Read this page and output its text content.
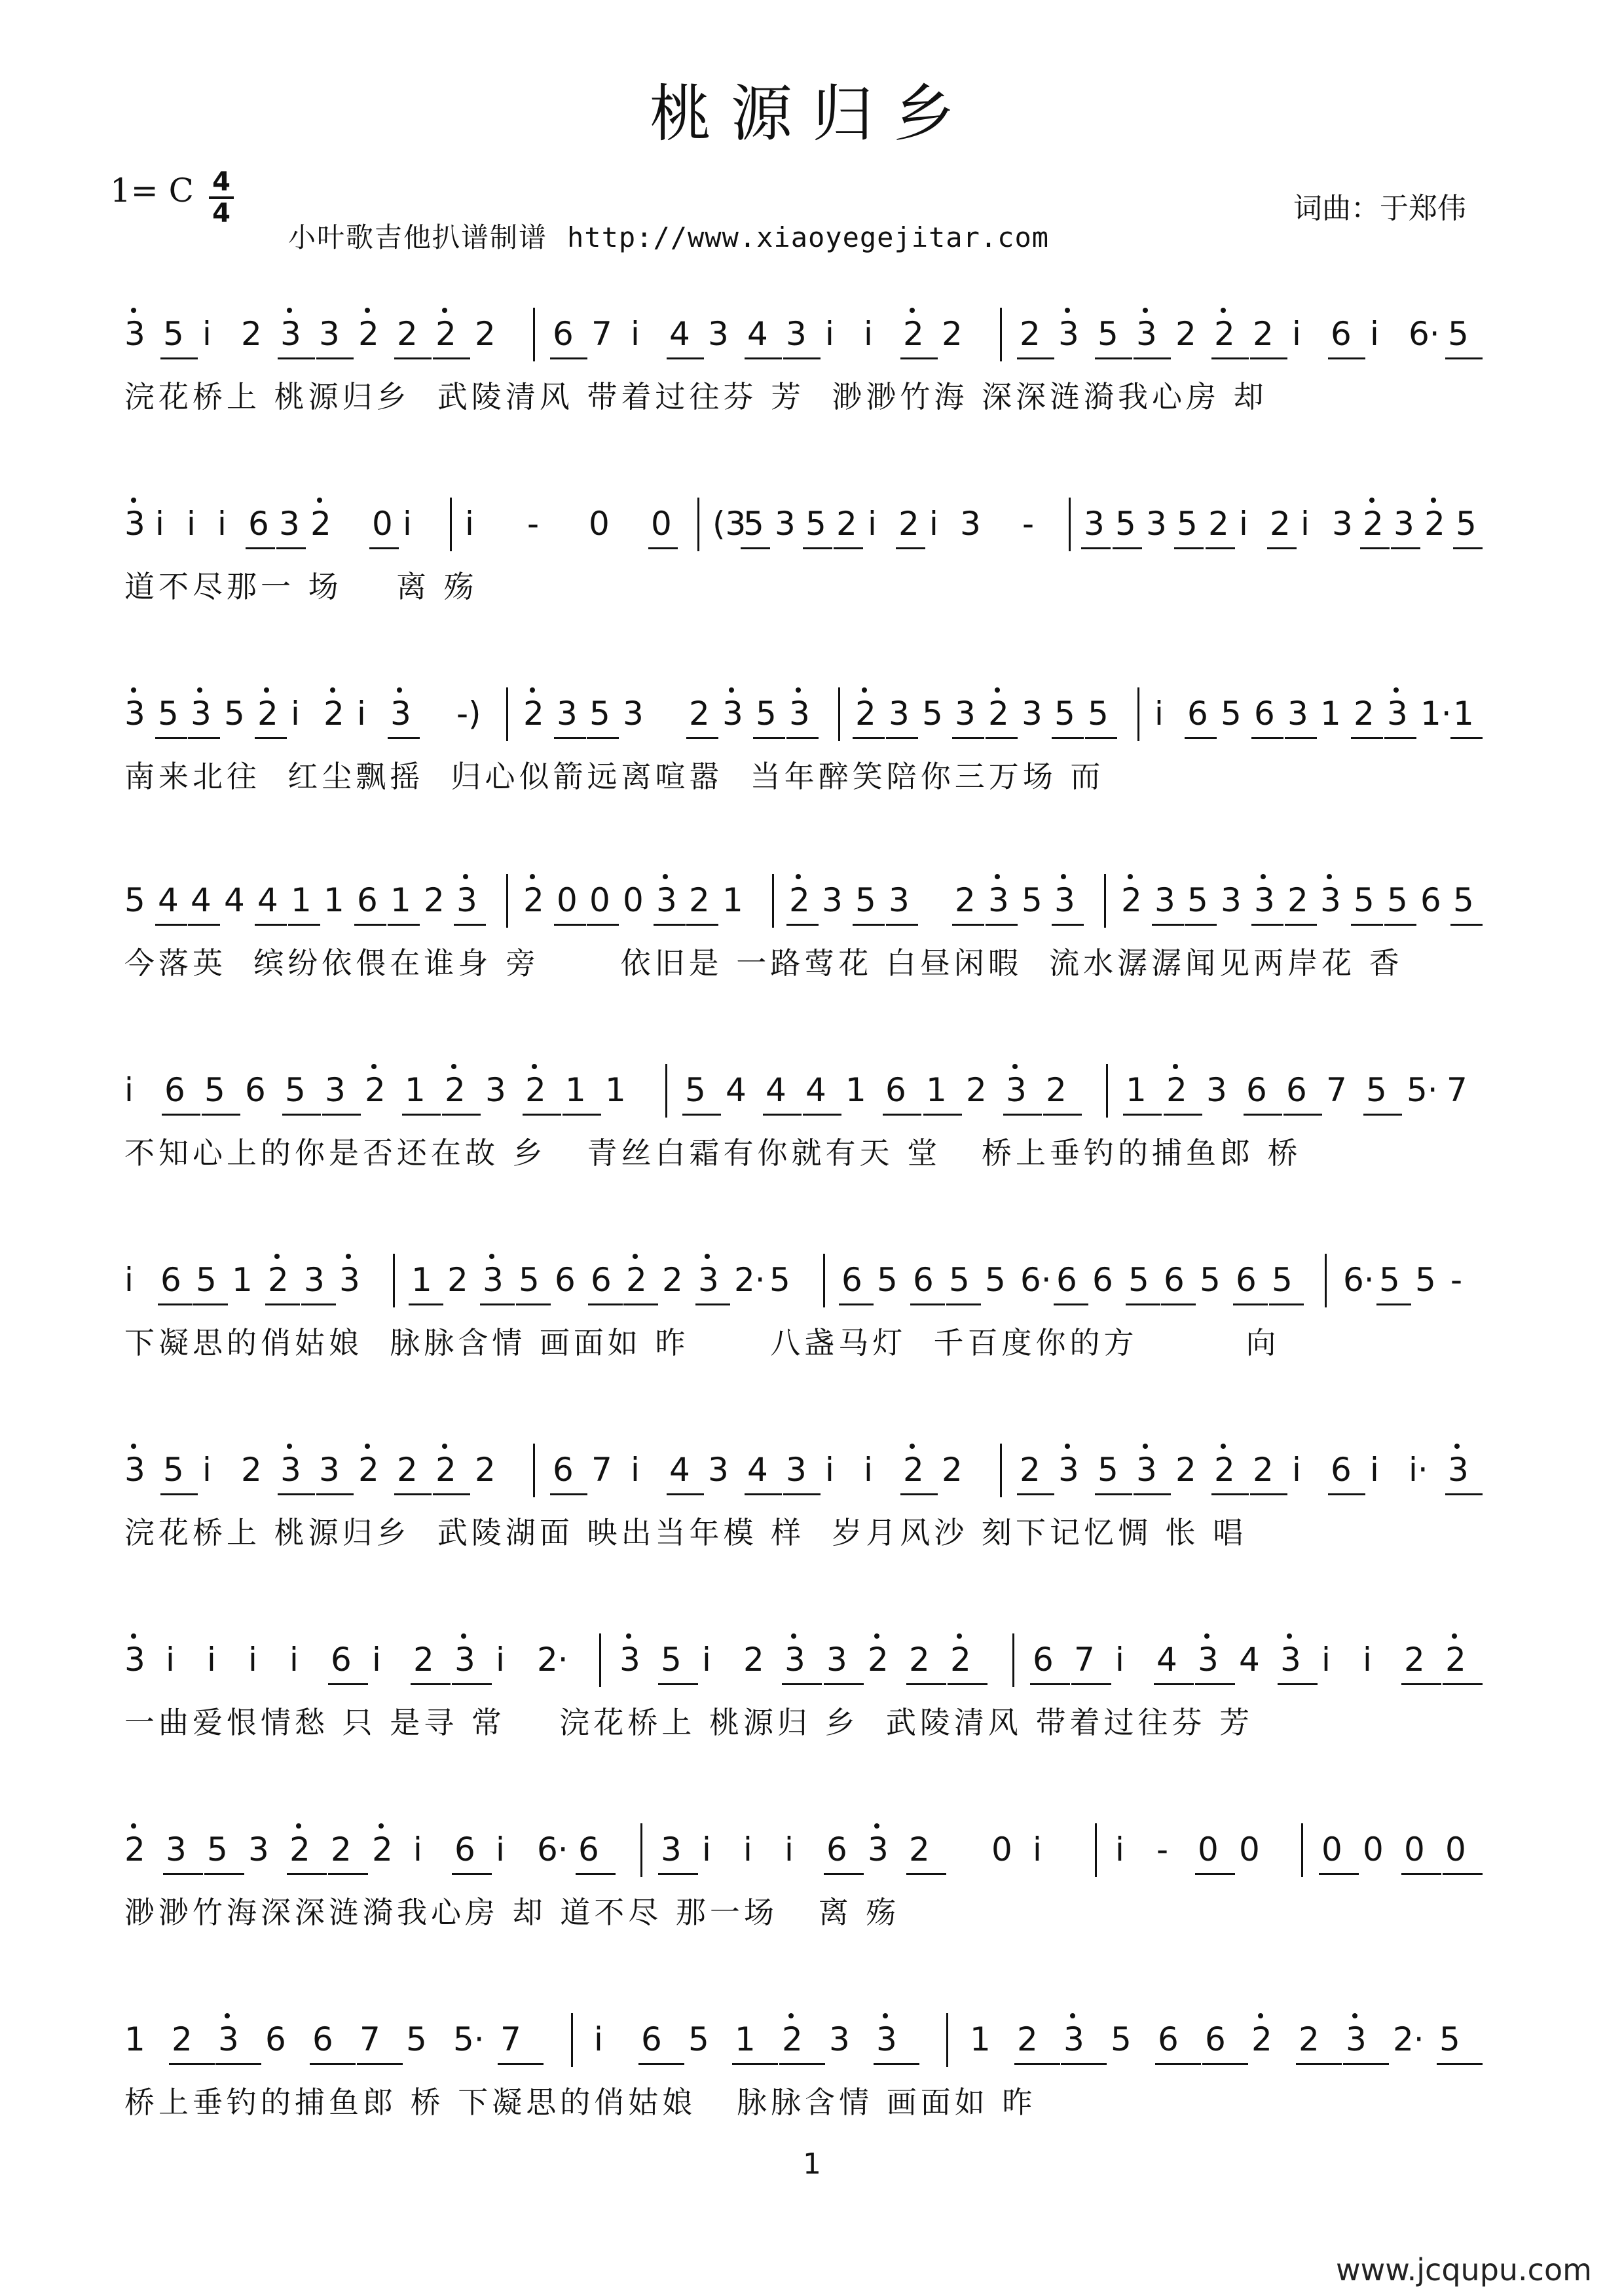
桃源归乡
1= C 4
4
小叶歌吉他扒谱制谱 http://www.xiaoyegejitar.com
词曲：于郑伟
3 5 i 2 3 3 2 2 2 2 6 7 i 4 3 4 3 i i 2 2 2 3 5 3 2 2 2 i 6 i 6· 5
浣花桥上 桃源归乡  武陵清风 带着过往芬 芳  渺渺竹海 深深涟漪我心房 却
3 i i i 6 3 2 0 i i - 0 0 (3
5 3 5 2 i 2 i 3 - 3 5 3 5 2 i 2 i 3 2 3 2 5
道不尽那一 场    离 殇
3 5 3 5 2 i 2 i 3 -) 2 3 5 3 2 3 5 3 2 3 5 3 2 3 5 5 i 6 5 6 3 1 2 3 1· 1
南来北往  红尘飘摇  归心似箭远离喧嚣  当年醉笑陪你三万场 而
5 4 4 4 4 1 1 6 1 2 3 2 0 0 0 3 2 1 2 3 5 3 2 3 5 3 2 3 5 3 3 2 3 5 5 6 5
今落英  缤纷依偎在谁身 旁      依旧是 一路莺花 白昼闲暇  流水潺潺闻见两岸花 香
i 6 5 6 5 3 2 1 2 3 2 1 1 5 4 4 4 1 6 1 2 3 2 1 2 3 6 6 7 5 5· 7
不知心上的你是否还在故 乡   青丝白霜有你就有天 堂   桥上垂钓的捕鱼郎 桥
i 6 5 1 2 3 3 1 2 3 5 6 6 2 2 3 2· 5 6 5 6 5 5 6· 6 6 5 6 5 6 5 6· 5 5 -
下凝思的俏姑娘  脉脉含情 画面如 昨      八盏马灯  千百度你的方        向
3 5 i 2 3 3 2 2 2 2 6 7 i 4 3 4 3 i i 2 2 2 3 5 3 2 2 2 i 6 i i· 3
浣花桥上 桃源归乡  武陵湖面 映出当年模 样  岁月风沙 刻下记忆惆 怅 唱
3 i i i i 6 i 2 3 i 2· 3 5 i 2 3 3 2 2 2 6 7 i 4 3 4 3 i i 2 2
一曲爱恨情愁 只 是寻 常    浣花桥上 桃源归 乡  武陵清风 带着过往芬 芳
2 3 5 3 2 2 2 i 6 i 6· 6 3 i i i 6 3 2 0 i i - 0 0 0 0 0 0
渺渺竹海深深涟漪我心房 却 道不尽 那一场   离 殇
1 2 3 6 6 7 5 5· 7 i 6 5 1 2 3 3 1 2 3 5 6 6 2 2 3 2· 5
桥上垂钓的捕鱼郎 桥 下凝思的俏姑娘   脉脉含情 画面如 昨
1
www.jcqupu.com
